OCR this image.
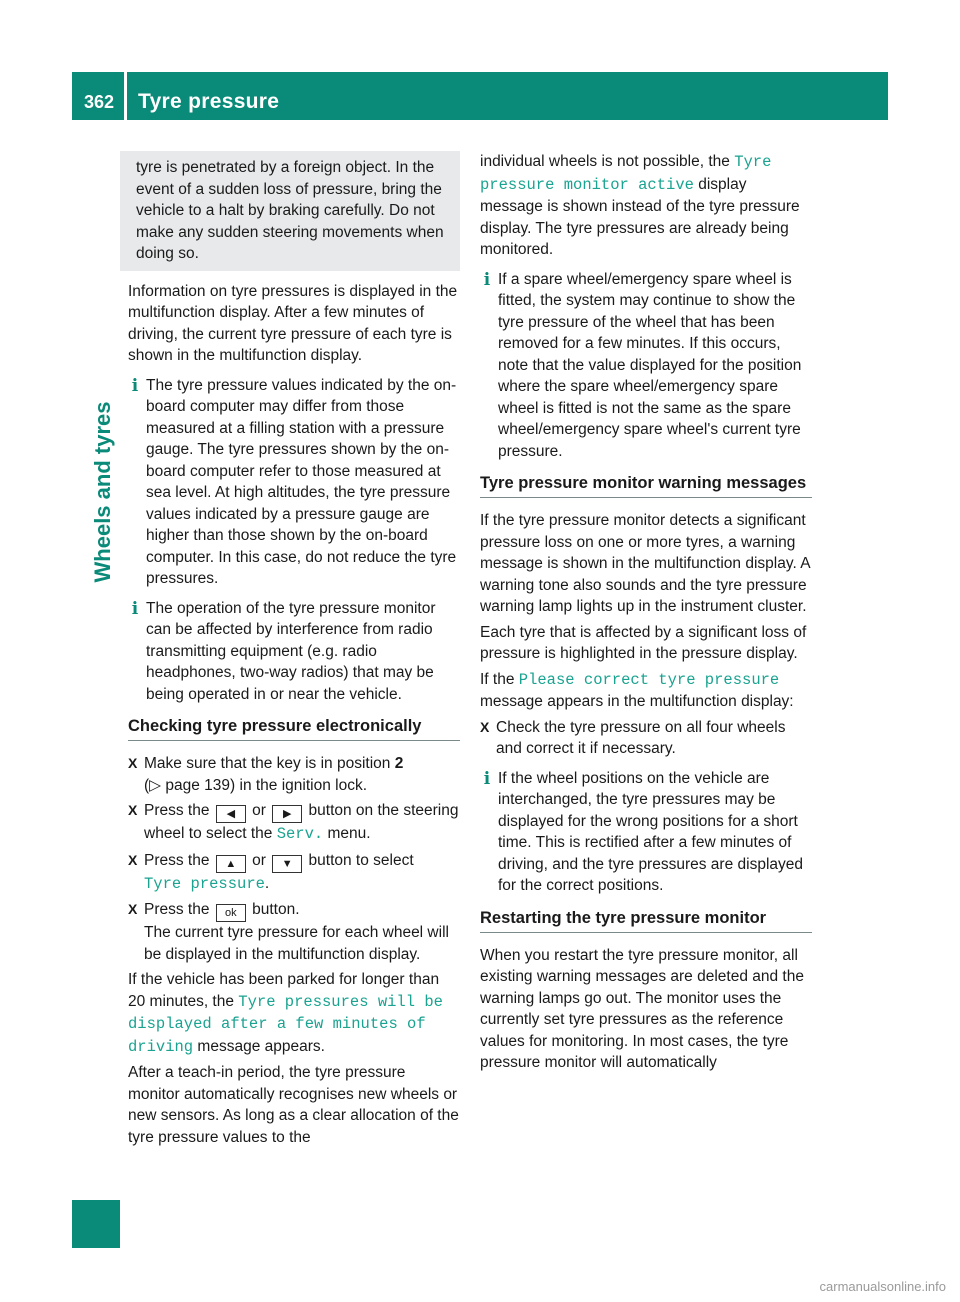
362 Tyre pressure
Wheels and tyres
tyre is penetrated by a foreign object. In the event of a sudden loss of pressure, bring the vehicle to a halt by braking carefully. Do not make any sudden steering movements when doing so.

Information on tyre pressures is displayed in the multifunction display. After a few minutes of driving, the current tyre pressure of each tyre is shown in the multifunction display.

i The tyre pressure values indicated by the on-board computer may differ from those measured at a filling station with a pressure gauge. The tyre pressures shown by the on-board computer refer to those measured at sea level. At high altitudes, the tyre pressure values indicated by a pressure gauge are higher than those shown by the on-board computer. In this case, do not reduce the tyre pressures.
i The operation of the tyre pressure monitor can be affected by interference from radio transmitting equipment (e.g. radio headphones, two-way radios) that may be being operated in or near the vehicle.
Checking tyre pressure electronically
X Make sure that the key is in position 2
(▷ page 139) in the ignition lock.
X Press the ◀ or ▶ button on the steering wheel to select the Serv. menu.
X Press the ▲ or ▼ button to select
Tyre pressure.
X Press the ok button.
The current tyre pressure for each wheel will be displayed in the multifunction display.

If the vehicle has been parked for longer than 20 minutes, the Tyre pressures will be displayed after a few minutes of driving message appears.

After a teach-in period, the tyre pressure monitor automatically recognises new wheels or new sensors. As long as a clear allocation of the tyre pressure values to the

individual wheels is not possible, the Tyre pressure monitor active display message is shown instead of the tyre pressure display. The tyre pressures are already being monitored.

i If a spare wheel/emergency spare wheel is fitted, the system may continue to show the tyre pressure of the wheel that has been removed for a few minutes. If this occurs, note that the value displayed for the position where the spare wheel/emergency spare wheel is fitted is not the same as the spare wheel/emergency spare wheel's current tyre pressure.
Tyre pressure monitor warning messages

If the tyre pressure monitor detects a significant pressure loss on one or more tyres, a warning message is shown in the multifunction display. A warning tone also sounds and the tyre pressure warning lamp lights up in the instrument cluster.

Each tyre that is affected by a significant loss of pressure is highlighted in the pressure display.

If the Please correct tyre pressure message appears in the multifunction display:

X Check the tyre pressure on all four wheels and correct it if necessary.
i If the wheel positions on the vehicle are interchanged, the tyre pressures may be displayed for the wrong positions for a short time. This is rectified after a few minutes of driving, and the tyre pressures are displayed for the correct positions.
Restarting the tyre pressure monitor

When you restart the tyre pressure monitor, all existing warning messages are deleted and the warning lamps go out. The monitor uses the currently set tyre pressures as the reference values for monitoring. In most cases, the tyre pressure monitor will automatically

carmanualsonline.info
